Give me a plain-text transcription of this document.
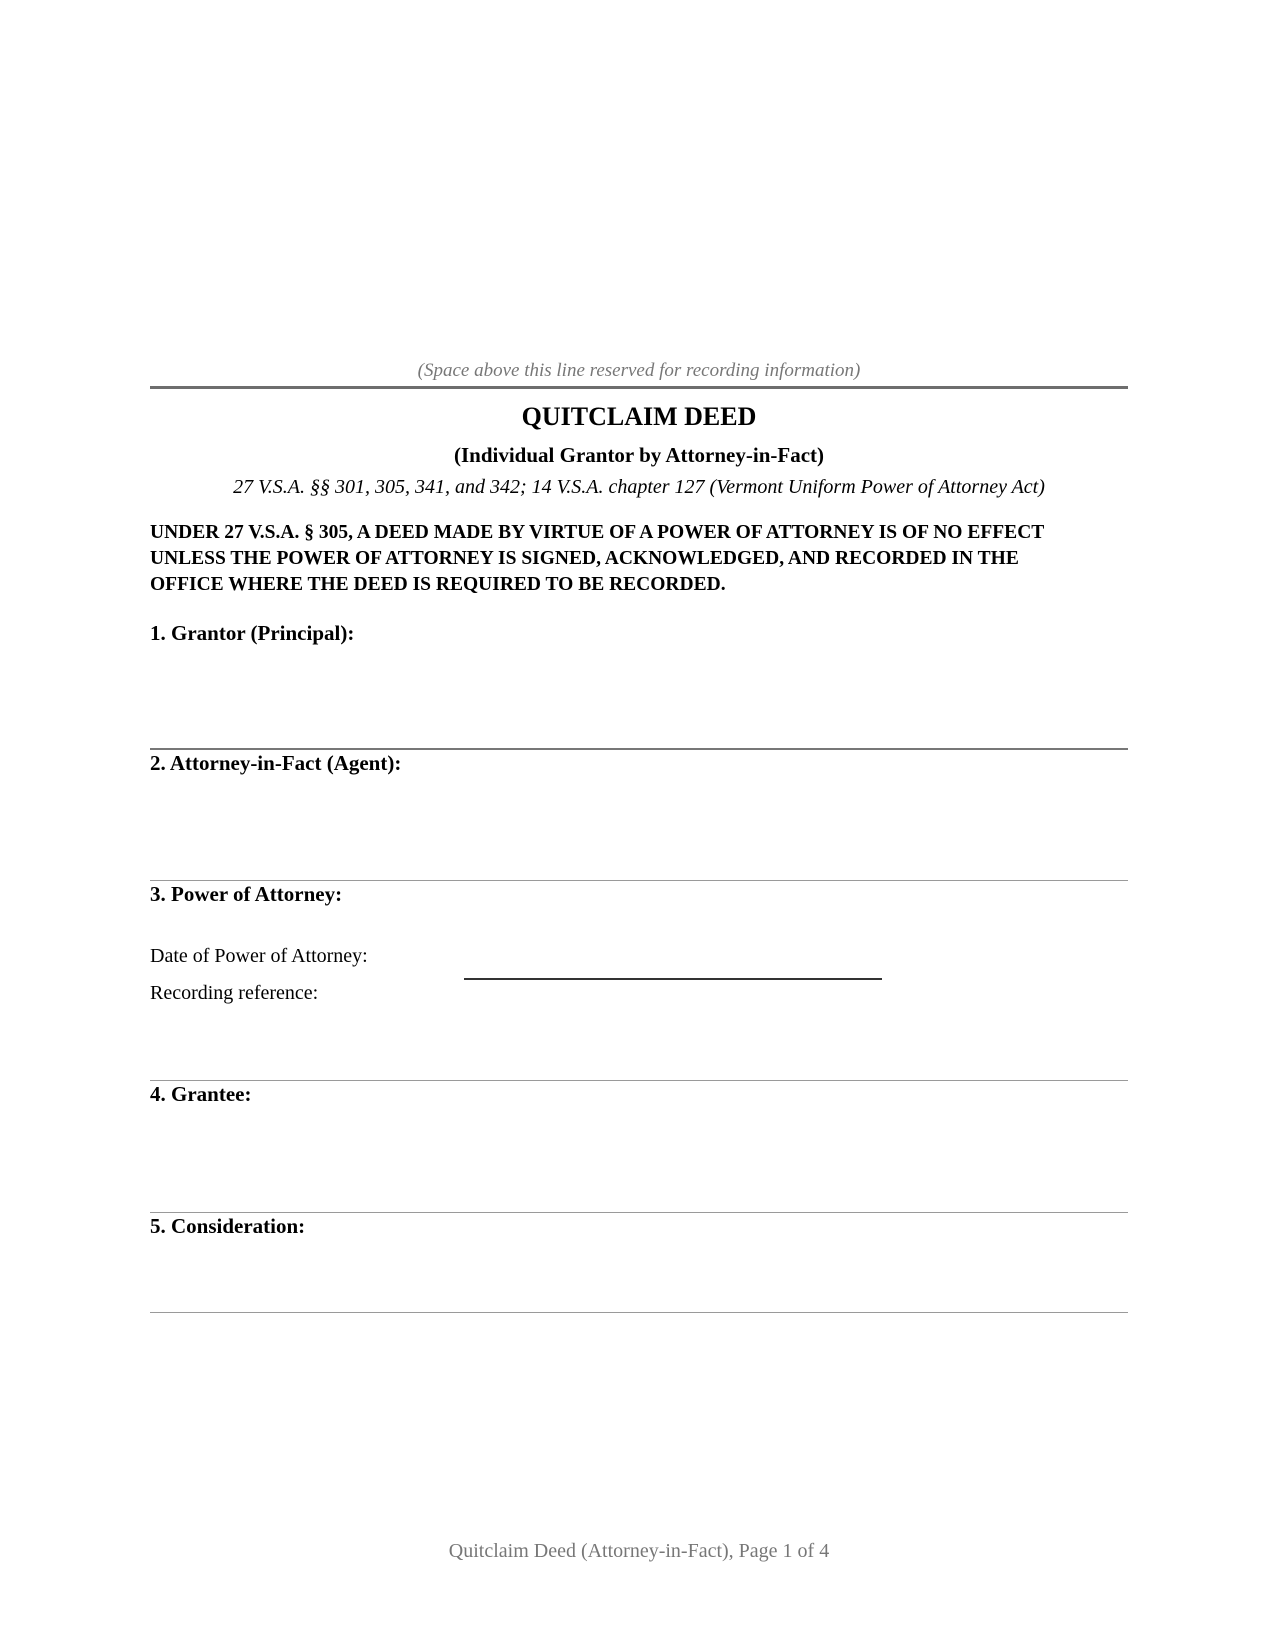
(Space above this line reserved for recording information)
QUITCLAIM DEED
(Individual Grantor by Attorney-in-Fact)
27 V.S.A. §§ 301, 305, 341, and 342; 14 V.S.A. chapter 127 (Vermont Uniform Power of Attorney Act)
UNDER 27 V.S.A. § 305, A DEED MADE BY VIRTUE OF A POWER OF ATTORNEY IS OF NO EFFECT
UNLESS THE POWER OF ATTORNEY IS SIGNED, ACKNOWLEDGED, AND RECORDED IN THE
OFFICE WHERE THE DEED IS REQUIRED TO BE RECORDED.
1. Grantor (Principal):
2. Attorney-in-Fact (Agent):
3. Power of Attorney:
Date of Power of Attorney:
Recording reference:
4. Grantee:
5. Consideration:
Quitclaim Deed (Attorney-in-Fact), Page 1 of 4
